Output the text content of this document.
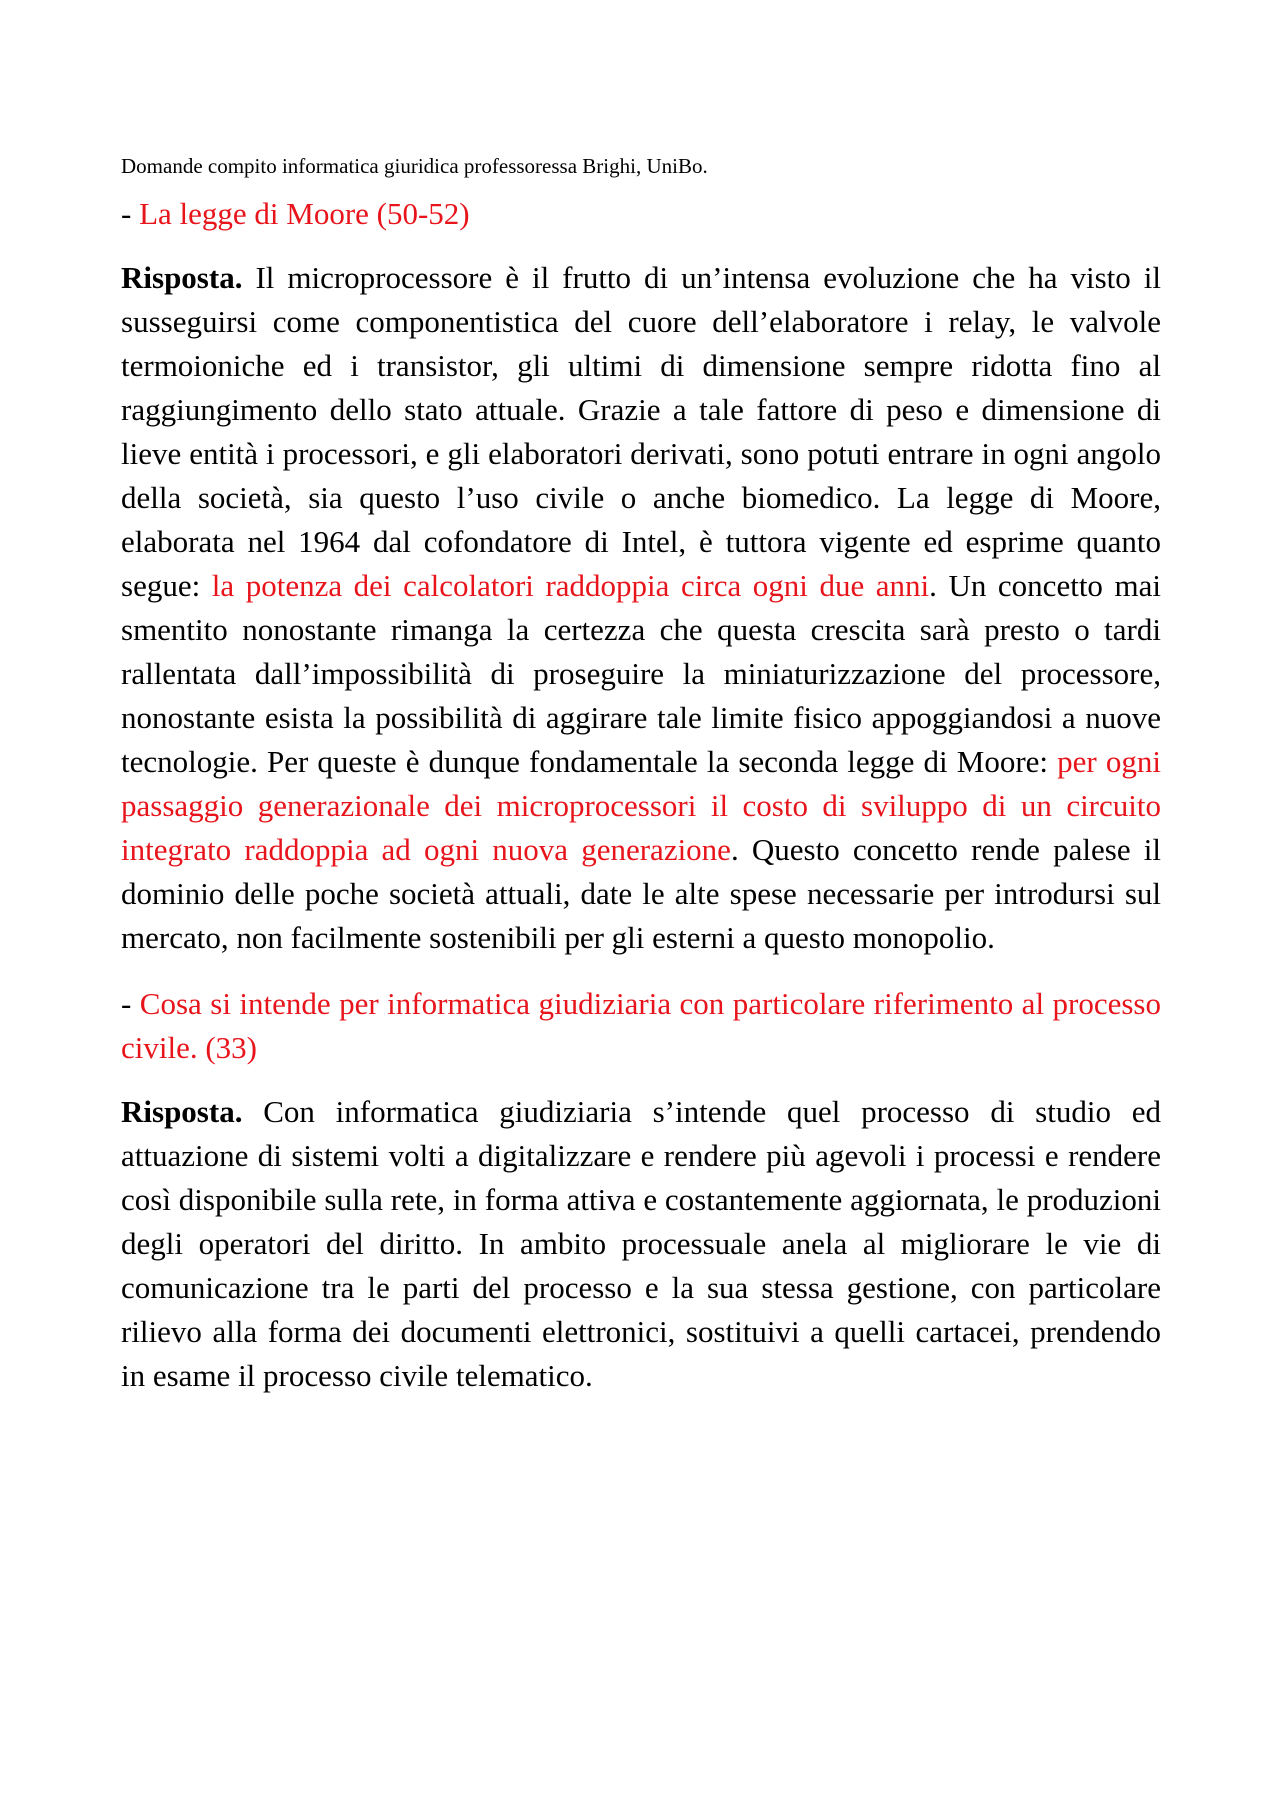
Domande compito informatica giuridica professoressa Brighi, UniBo.

- La legge di Moore (50-52)

Risposta. Il microprocessore è il frutto di un’intensa evoluzione che ha visto il susseguirsi come componentistica del cuore dell’elaboratore i relay, le valvole termoioniche ed i transistor, gli ultimi di dimensione sempre ridotta fino al raggiungimento dello stato attuale. Grazie a tale fattore di peso e dimensione di lieve entità i processori, e gli elaboratori derivati, sono potuti entrare in ogni angolo della società, sia questo l’uso civile o anche biomedico. La legge di Moore, elaborata nel 1964 dal cofondatore di Intel, è tuttora vigente ed esprime quanto segue: la potenza dei calcolatori raddoppia circa ogni due anni. Un concetto mai smentito nonostante rimanga la certezza che questa crescita sarà presto o tardi rallentata dall’impossibilità di proseguire la miniaturizzazione del processore, nonostante esista la possibilità di aggirare tale limite fisico appoggiandosi a nuove tecnologie. Per queste è dunque fondamentale la seconda legge di Moore: per ogni passaggio generazionale dei microprocessori il costo di sviluppo di un circuito integrato raddoppia ad ogni nuova generazione. Questo concetto rende palese il dominio delle poche società attuali, date le alte spese necessarie per introdursi sul mercato, non facilmente sostenibili per gli esterni a questo monopolio.

- Cosa si intende per informatica giudiziaria con particolare riferimento al processo civile. (33)

Risposta. Con informatica giudiziaria s’intende quel processo di studio ed attuazione di sistemi volti a digitalizzare e rendere più agevoli i processi e rendere così disponibile sulla rete, in forma attiva e costantemente aggiornata, le produzioni degli operatori del diritto. In ambito processuale anela al migliorare le vie di comunicazione tra le parti del processo e la sua stessa gestione, con particolare rilievo alla forma dei documenti elettronici, sostituivi a quelli cartacei, prendendo in esame il processo civile telematico.
